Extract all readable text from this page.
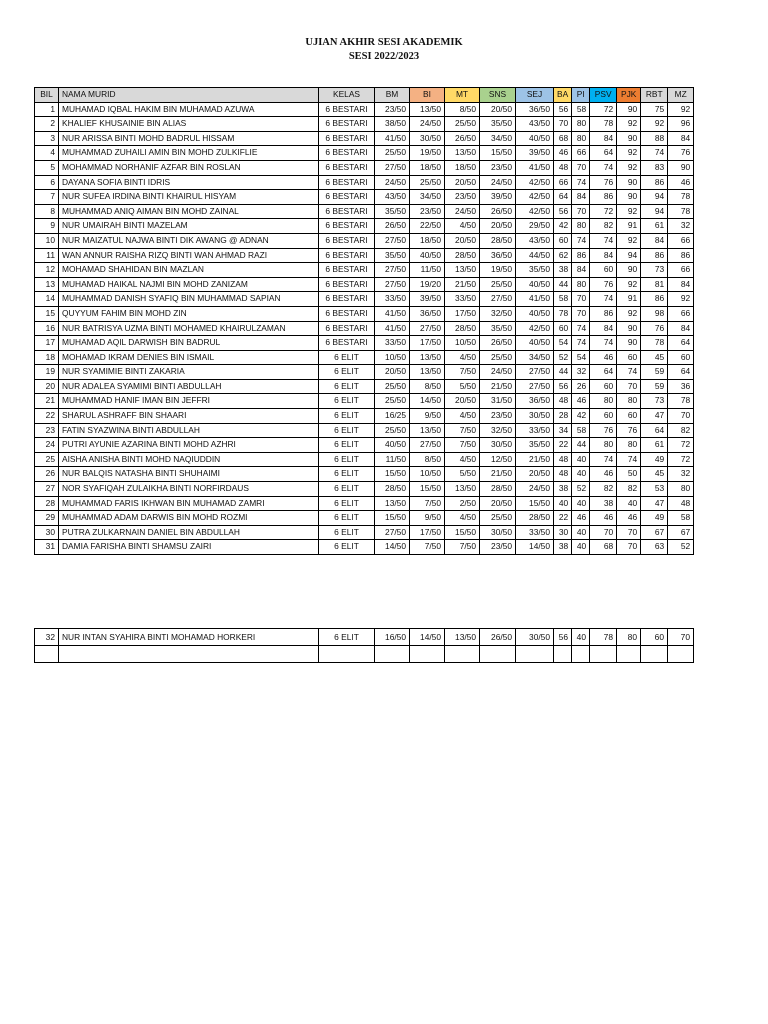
UJIAN AKHIR SESI AKADEMIK
SESI 2022/2023
BIL	NAMA MURID	KELAS	BM	BI	MT	SNS	SEJ	BA	PI	PSV	PJK	RBT	MZ
1	MUHAMAD IQBAL HAKIM BIN MUHAMAD AZUWA	6 BESTARI	23/50	13/50	8/50	20/50	36/50	56	58	72	90	75	92
2	KHALIEF KHUSAINIE BIN ALIAS	6 BESTARI	38/50	24/50	25/50	35/50	43/50	70	80	78	92	92	96
3	NUR ARISSA BINTI MOHD BADRUL HISSAM	6 BESTARI	41/50	30/50	26/50	34/50	40/50	68	80	84	90	88	84
4	MUHAMMAD ZUHAILI AMIN BIN MOHD ZULKIFLIE	6 BESTARI	25/50	19/50	13/50	15/50	39/50	46	66	64	92	74	76
5	MOHAMMAD NORHANIF AZFAR BIN ROSLAN	6 BESTARI	27/50	18/50	18/50	23/50	41/50	48	70	74	92	83	90
6	DAYANA SOFIA BINTI IDRIS	6 BESTARI	24/50	25/50	20/50	24/50	42/50	66	74	76	90	86	46
7	NUR SUFEA IRDINA BINTI KHAIRUL HISYAM	6 BESTARI	43/50	34/50	23/50	39/50	42/50	64	84	86	90	94	78
8	MUHAMMAD ANIQ AIMAN BIN MOHD ZAINAL	6 BESTARI	35/50	23/50	24/50	26/50	42/50	56	70	72	92	94	78
9	NUR UMAIRAH BINTI MAZELAM	6 BESTARI	26/50	22/50	4/50	20/50	29/50	42	80	82	91	61	32
10	NUR MAIZATUL NAJWA BINTI DIK AWANG @ ADNAN	6 BESTARI	27/50	18/50	20/50	28/50	43/50	60	74	74	92	84	66
11	WAN ANNUR RAISHA RIZQ BINTI WAN AHMAD RAZI	6 BESTARI	35/50	40/50	28/50	36/50	44/50	62	86	84	94	86	86
12	MOHAMAD SHAHIDAN BIN MAZLAN	6 BESTARI	27/50	11/50	13/50	19/50	35/50	38	84	60	90	73	66
13	MUHAMAD HAIKAL NAJMI BIN MOHD ZANIZAM	6 BESTARI	27/50	19/20	21/50	25/50	40/50	44	80	76	92	81	84
14	MUHAMMAD DANISH SYAFIQ BIN MUHAMMAD SAPIAN	6 BESTARI	33/50	39/50	33/50	27/50	41/50	58	70	74	91	86	92
15	QUYYUM FAHIM BIN MOHD ZIN	6 BESTARI	41/50	36/50	17/50	32/50	40/50	78	70	86	92	98	66
16	NUR BATRISYA UZMA BINTI MOHAMED KHAIRULZAMAN	6 BESTARI	41/50	27/50	28/50	35/50	42/50	60	74	84	90	76	84
17	MUHAMAD AQIL DARWISH BIN BADRUL	6 BESTARI	33/50	17/50	10/50	26/50	40/50	54	74	74	90	78	64
18	MOHAMAD IKRAM DENIES BIN ISMAIL	6 ELIT	10/50	13/50	4/50	25/50	34/50	52	54	46	60	45	60
19	NUR SYAMIMIE BINTI ZAKARIA	6 ELIT	20/50	13/50	7/50	24/50	27/50	44	32	64	74	59	64
20	NUR ADALEA SYAMIMI BINTI ABDULLAH	6 ELIT	25/50	8/50	5/50	21/50	27/50	56	26	60	70	59	36
21	MUHAMMAD HANIF IMAN BIN JEFFRI	6 ELIT	25/50	14/50	20/50	31/50	36/50	48	46	80	80	73	78
22	SHARUL ASHRAFF BIN SHAARI	6 ELIT	16/25	9/50	4/50	23/50	30/50	28	42	60	60	47	70
23	FATIN SYAZWINA BINTI ABDULLAH	6 ELIT	25/50	13/50	7/50	32/50	33/50	34	58	76	76	64	82
24	PUTRI AYUNIE AZARINA BINTI MOHD AZHRI	6 ELIT	40/50	27/50	7/50	30/50	35/50	22	44	80	80	61	72
25	AISHA ANISHA BINTI MOHD NAQIUDDIN	6 ELIT	11/50	8/50	4/50	12/50	21/50	48	40	74	74	49	72
26	NUR BALQIS NATASHA BINTI SHUHAIMI	6 ELIT	15/50	10/50	5/50	21/50	20/50	48	40	46	50	45	32
27	NOR SYAFIQAH ZULAIKHA BINTI NORFIRDAUS	6 ELIT	28/50	15/50	13/50	28/50	24/50	38	52	82	82	53	80
28	MUHAMMAD FARIS IKHWAN BIN MUHAMAD ZAMRI	6 ELIT	13/50	7/50	2/50	20/50	15/50	40	40	38	40	47	48
29	MUHAMMAD ADAM DARWIS BIN MOHD ROZMI	6 ELIT	15/50	9/50	4/50	25/50	28/50	22	46	46	46	49	58
30	PUTRA ZULKARNAIN DANIEL BIN ABDULLAH	6 ELIT	27/50	17/50	15/50	30/50	33/50	30	40	70	70	67	67
31	DAMIA FARISHA BINTI SHAMSU ZAIRI	6 ELIT	14/50	7/50	7/50	23/50	14/50	38	40	68	70	63	52
32	NUR INTAN SYAHIRA BINTI MOHAMAD HORKERI	6 ELIT	16/50	14/50	13/50	26/50	30/50	56	40	78	80	60	70
